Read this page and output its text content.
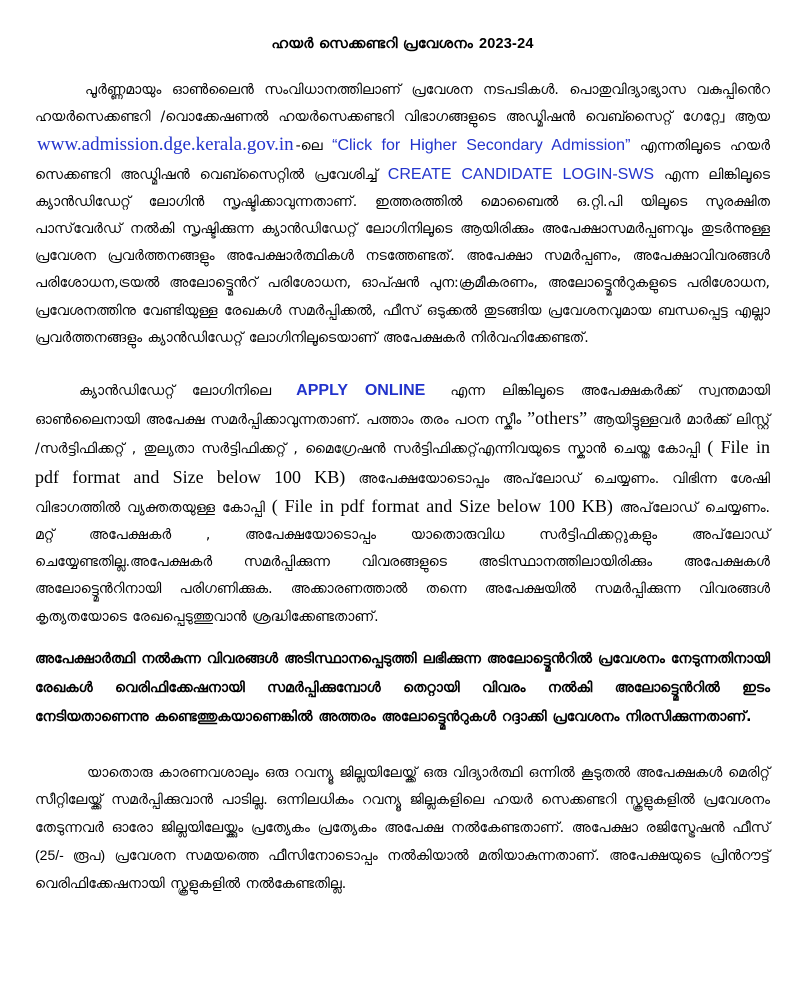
ഹയർ സെക്കണ്ടറി പ്രവേശനം 2023-24

പൂർണ്ണമായും ഓൺലൈൻ സംവിധാനത്തിലാണ് പ്രവേശന നടപടികൾ. പൊതുവിദ്യാഭ്യാസ വകുപ്പിൻെറ ഹയർസെക്കണ്ടറി /വൊക്കേഷണൽ ഹയർസെക്കണ്ടറി വിഭാഗങ്ങളുടെ അഡ്മിഷൻ വെബ്സൈറ്റ് ഗേറ്റ്വേ ആയ www.admission.dge.kerala.gov.in -ലെ “Click for Higher Secondary Admission” എന്നതിലൂടെ ഹയർ സെക്കണ്ടറി അഡ്മിഷൻ വെബ്സൈറ്റിൽ പ്രവേശിച്ച് CREATE CANDIDATE LOGIN-SWS എന്ന ലിങ്കിലൂടെ ക്യാൻഡിഡേറ്റ് ലോഗിൻ സൃഷ്ടിക്കാവുന്നതാണ്. ഇത്തരത്തിൽ മൊബൈൽ ഒ.റ്റി.പി യിലൂടെ സുരക്ഷിത പാസ്‌വേർഡ് നൽകി സൃഷ്ടിക്കുന്ന ക്യാൻഡിഡേറ്റ് ലോഗിനിലൂടെ ആയിരിക്കും അപേക്ഷാസമർപ്പണവും തുടർന്നുള്ള പ്രവേശന പ്രവർത്തനങ്ങളും അപേക്ഷാർത്ഥികൾ നടത്തേണ്ടത്. അപേക്ഷാ സമർപ്പണം, അപേക്ഷാവിവരങ്ങൾ പരിശോധന,ട്രയൽ അലോട്ട്മെൻറ് പരിശോധന, ഓപ്ഷൻ പുന:ക്രമീകരണം, അലോട്ട്മെൻറുകളുടെ പരിശോധന, പ്രവേശനത്തിനു വേണ്ടിയുള്ള രേഖകൾ സമർപ്പിക്കൽ, ഫീസ് ഒടുക്കൽ തുടങ്ങിയ പ്രവേശനവുമായ ബന്ധപ്പെട്ട എല്ലാ പ്രവർത്തനങ്ങളും ക്യാൻഡിഡേറ്റ് ലോഗിനിലൂടെയാണ് അപേക്ഷകർ നിർവഹിക്കേണ്ടത്.

ക്യാൻഡിഡേറ്റ് ലോഗിനിലെ APPLY ONLINE എന്ന ലിങ്കിലൂടെ അപേക്ഷകർക്ക് സ്വന്തമായി ഓൺലൈനായി അപേക്ഷ സമർപ്പിക്കാവുന്നതാണ്. പത്താം തരം പഠന സ്കീം ”others” ആയിട്ടുള്ളവർ മാർക്ക് ലിസ്റ്റ് /സർട്ടിഫിക്കറ്റ് , തുല്യതാ സർട്ടിഫിക്കറ്റ് , മൈഗ്രേഷൻ സർട്ടിഫിക്കറ്റ്എന്നിവയുടെ സ്കാൻ ചെയ്ത കോപ്പി ( File in pdf format and Size below 100 KB) അപേക്ഷയോടൊപ്പം അപ്‌ലോഡ് ചെയ്യണം. വിഭിന്ന ശേഷി വിഭാഗത്തിൽ വ്യക്തതയുള്ള കോപ്പി ( File in pdf format and Size below 100 KB) അപ്‌ലോഡ് ചെയ്യണം. മറ്റ് അപേക്ഷകർ , അപേക്ഷയോടൊപ്പം യാതൊരുവിധ സർട്ടിഫിക്കറ്റുകളും അപ്‌ലോഡ് ചെയ്യേണ്ടതില്ല.അപേക്ഷകർ സമർപ്പിക്കുന്ന വിവരങ്ങളുടെ അടിസ്ഥാനത്തിലായിരിക്കും അപേക്ഷകൾ അലോട്ട്മെൻറിനായി പരിഗണിക്കുക. അക്കാരണത്താൽ തന്നെ അപേക്ഷയിൽ സമർപ്പിക്കുന്ന വിവരങ്ങൾ കൃത്യതയോടെ രേഖപ്പെടുത്തുവാൻ ശ്രദ്ധിക്കേണ്ടതാണ്.

അപേക്ഷാർത്ഥി നൽകുന്ന വിവരങ്ങൾ അടിസ്ഥാനപ്പെടുത്തി ലഭിക്കുന്ന അലോട്ട്മെൻറിൽ പ്രവേശനം നേടുന്നതിനായി രേഖകൾ വെരിഫിക്കേഷനായി സമർപ്പിക്കുമ്പോൾ തെറ്റായി വിവരം നൽകി അലോട്ട്മെൻറിൽ ഇടം നേടിയതാണെന്നു കണ്ടെത്തുകയാണെങ്കിൽ അത്തരം അലോട്ട്മെൻറുകൾ റദ്ദാക്കി പ്രവേശനം നിരസിക്കുന്നതാണ്.

യാതൊരു കാരണവശാലും ഒരു റവന്യൂ ജില്ലയിലേയ്ക്ക് ഒരു വിദ്യാർത്ഥി ഒന്നിൽ കൂടുതൽ അപേക്ഷകൾ മെരിറ്റ് സീറ്റിലേയ്ക്ക് സമർപ്പിക്കുവാൻ പാടില്ല. ഒന്നിലധികം റവന്യൂ ജില്ലകളിലെ ഹയർ സെക്കണ്ടറി സ്കൂളുകളിൽ പ്രവേശനം തേടുന്നവർ ഓരോ ജില്ലയിലേയ്ക്കും പ്രത്യേകം പ്രത്യേകം അപേക്ഷ നൽകേണ്ടതാണ്. അപേക്ഷാ രജിസ്ട്രേഷൻ ഫീസ് (25/- രൂപ) പ്രവേശന സമയത്തെ ഫീസിനോടൊപ്പം നൽകിയാൽ മതിയാകുന്നതാണ്. അപേക്ഷയുടെ പ്രിൻറൗട്ട് വെരിഫിക്കേഷനായി സ്കൂളുകളിൽ നൽകേണ്ടതില്ല.
